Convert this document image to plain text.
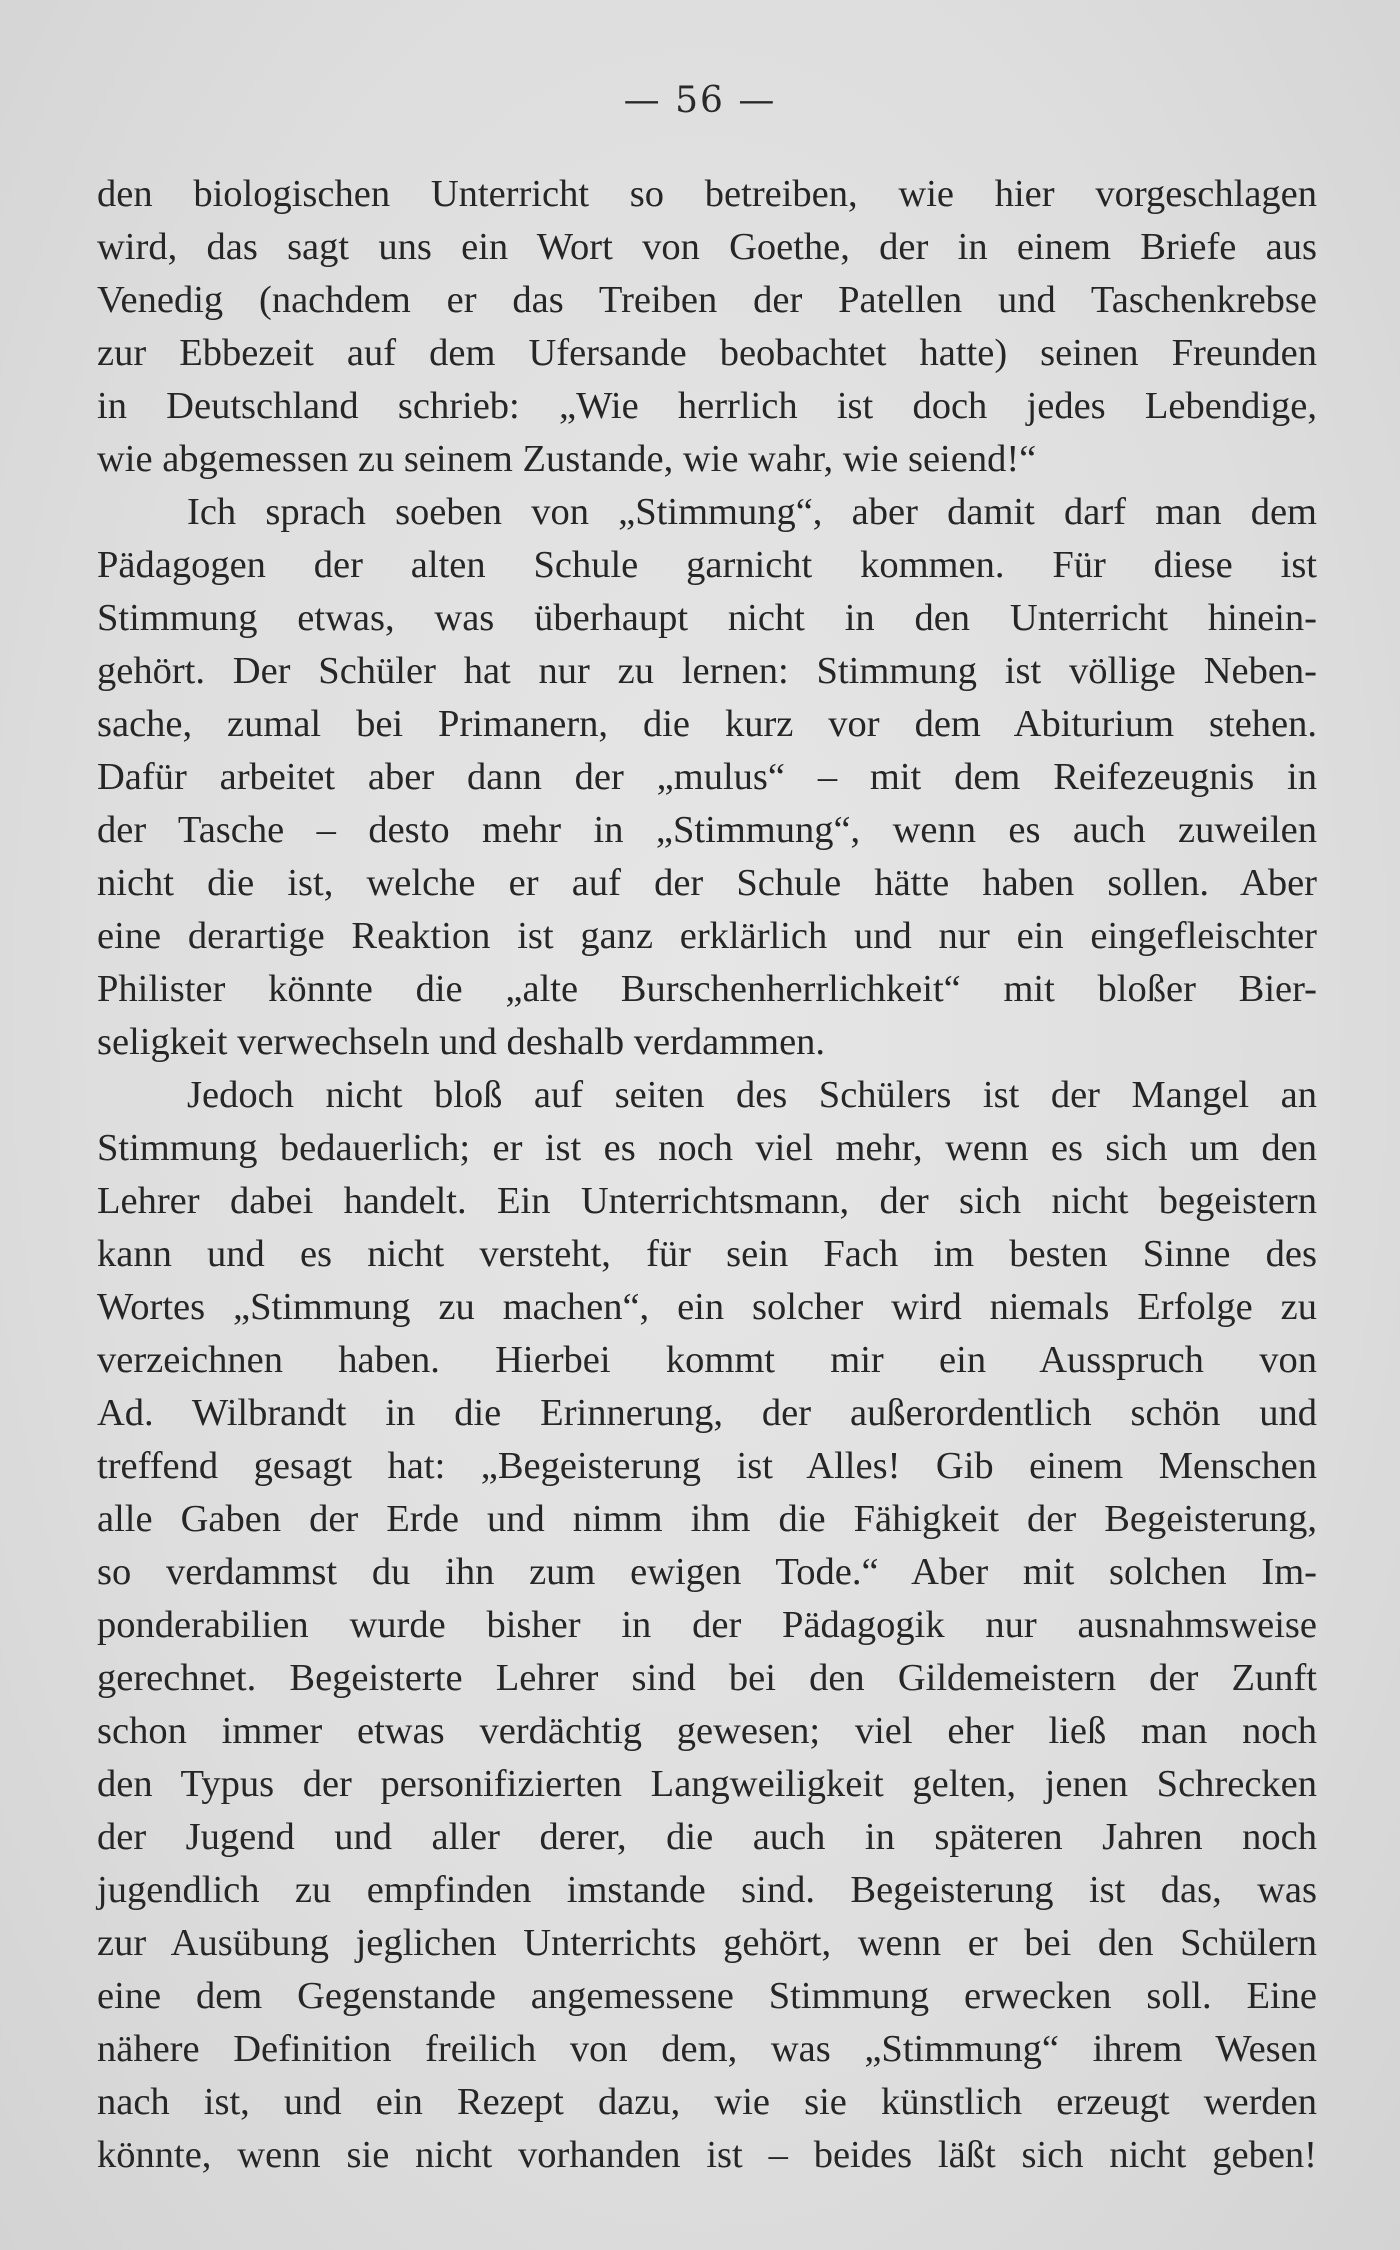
— 56 —
den biologischen Unterricht so betreiben, wie hier vorgeschlagen
wird, das sagt uns ein Wort von Goethe, der in einem Briefe aus
Venedig (nachdem er das Treiben der Patellen und Taschenkrebse
zur Ebbezeit auf dem Ufersande beobachtet hatte) seinen Freunden
in Deutschland schrieb: „Wie herrlich ist doch jedes Lebendige,
wie abgemessen zu seinem Zustande, wie wahr, wie seiend!“
Ich sprach soeben von „Stimmung“, aber damit darf man dem
Pädagogen der alten Schule garnicht kommen. Für diese ist
Stimmung etwas, was überhaupt nicht in den Unterricht hinein-
gehört. Der Schüler hat nur zu lernen: Stimmung ist völlige Neben-
sache, zumal bei Primanern, die kurz vor dem Abiturium stehen.
Dafür arbeitet aber dann der „mulus“ – mit dem Reifezeugnis in
der Tasche – desto mehr in „Stimmung“, wenn es auch zuweilen
nicht die ist, welche er auf der Schule hätte haben sollen. Aber
eine derartige Reaktion ist ganz erklärlich und nur ein eingefleischter
Philister könnte die „alte Burschenherrlichkeit“ mit bloßer Bier-
seligkeit verwechseln und deshalb verdammen.
Jedoch nicht bloß auf seiten des Schülers ist der Mangel an
Stimmung bedauerlich; er ist es noch viel mehr, wenn es sich um den
Lehrer dabei handelt. Ein Unterrichtsmann, der sich nicht begeistern
kann und es nicht versteht, für sein Fach im besten Sinne des
Wortes „Stimmung zu machen“, ein solcher wird niemals Erfolge zu
verzeichnen haben. Hierbei kommt mir ein Ausspruch von
Ad. Wilbrandt in die Erinnerung, der außerordentlich schön und
treffend gesagt hat: „Begeisterung ist Alles! Gib einem Menschen
alle Gaben der Erde und nimm ihm die Fähigkeit der Begeisterung,
so verdammst du ihn zum ewigen Tode.“ Aber mit solchen Im-
ponderabilien wurde bisher in der Pädagogik nur ausnahmsweise
gerechnet. Begeisterte Lehrer sind bei den Gildemeistern der Zunft
schon immer etwas verdächtig gewesen; viel eher ließ man noch
den Typus der personifizierten Langweiligkeit gelten, jenen Schrecken
der Jugend und aller derer, die auch in späteren Jahren noch
jugendlich zu empfinden imstande sind. Begeisterung ist das, was
zur Ausübung jeglichen Unterrichts gehört, wenn er bei den Schülern
eine dem Gegenstande angemessene Stimmung erwecken soll. Eine
nähere Definition freilich von dem, was „Stimmung“ ihrem Wesen
nach ist, und ein Rezept dazu, wie sie künstlich erzeugt werden
könnte, wenn sie nicht vorhanden ist – beides läßt sich nicht geben!
